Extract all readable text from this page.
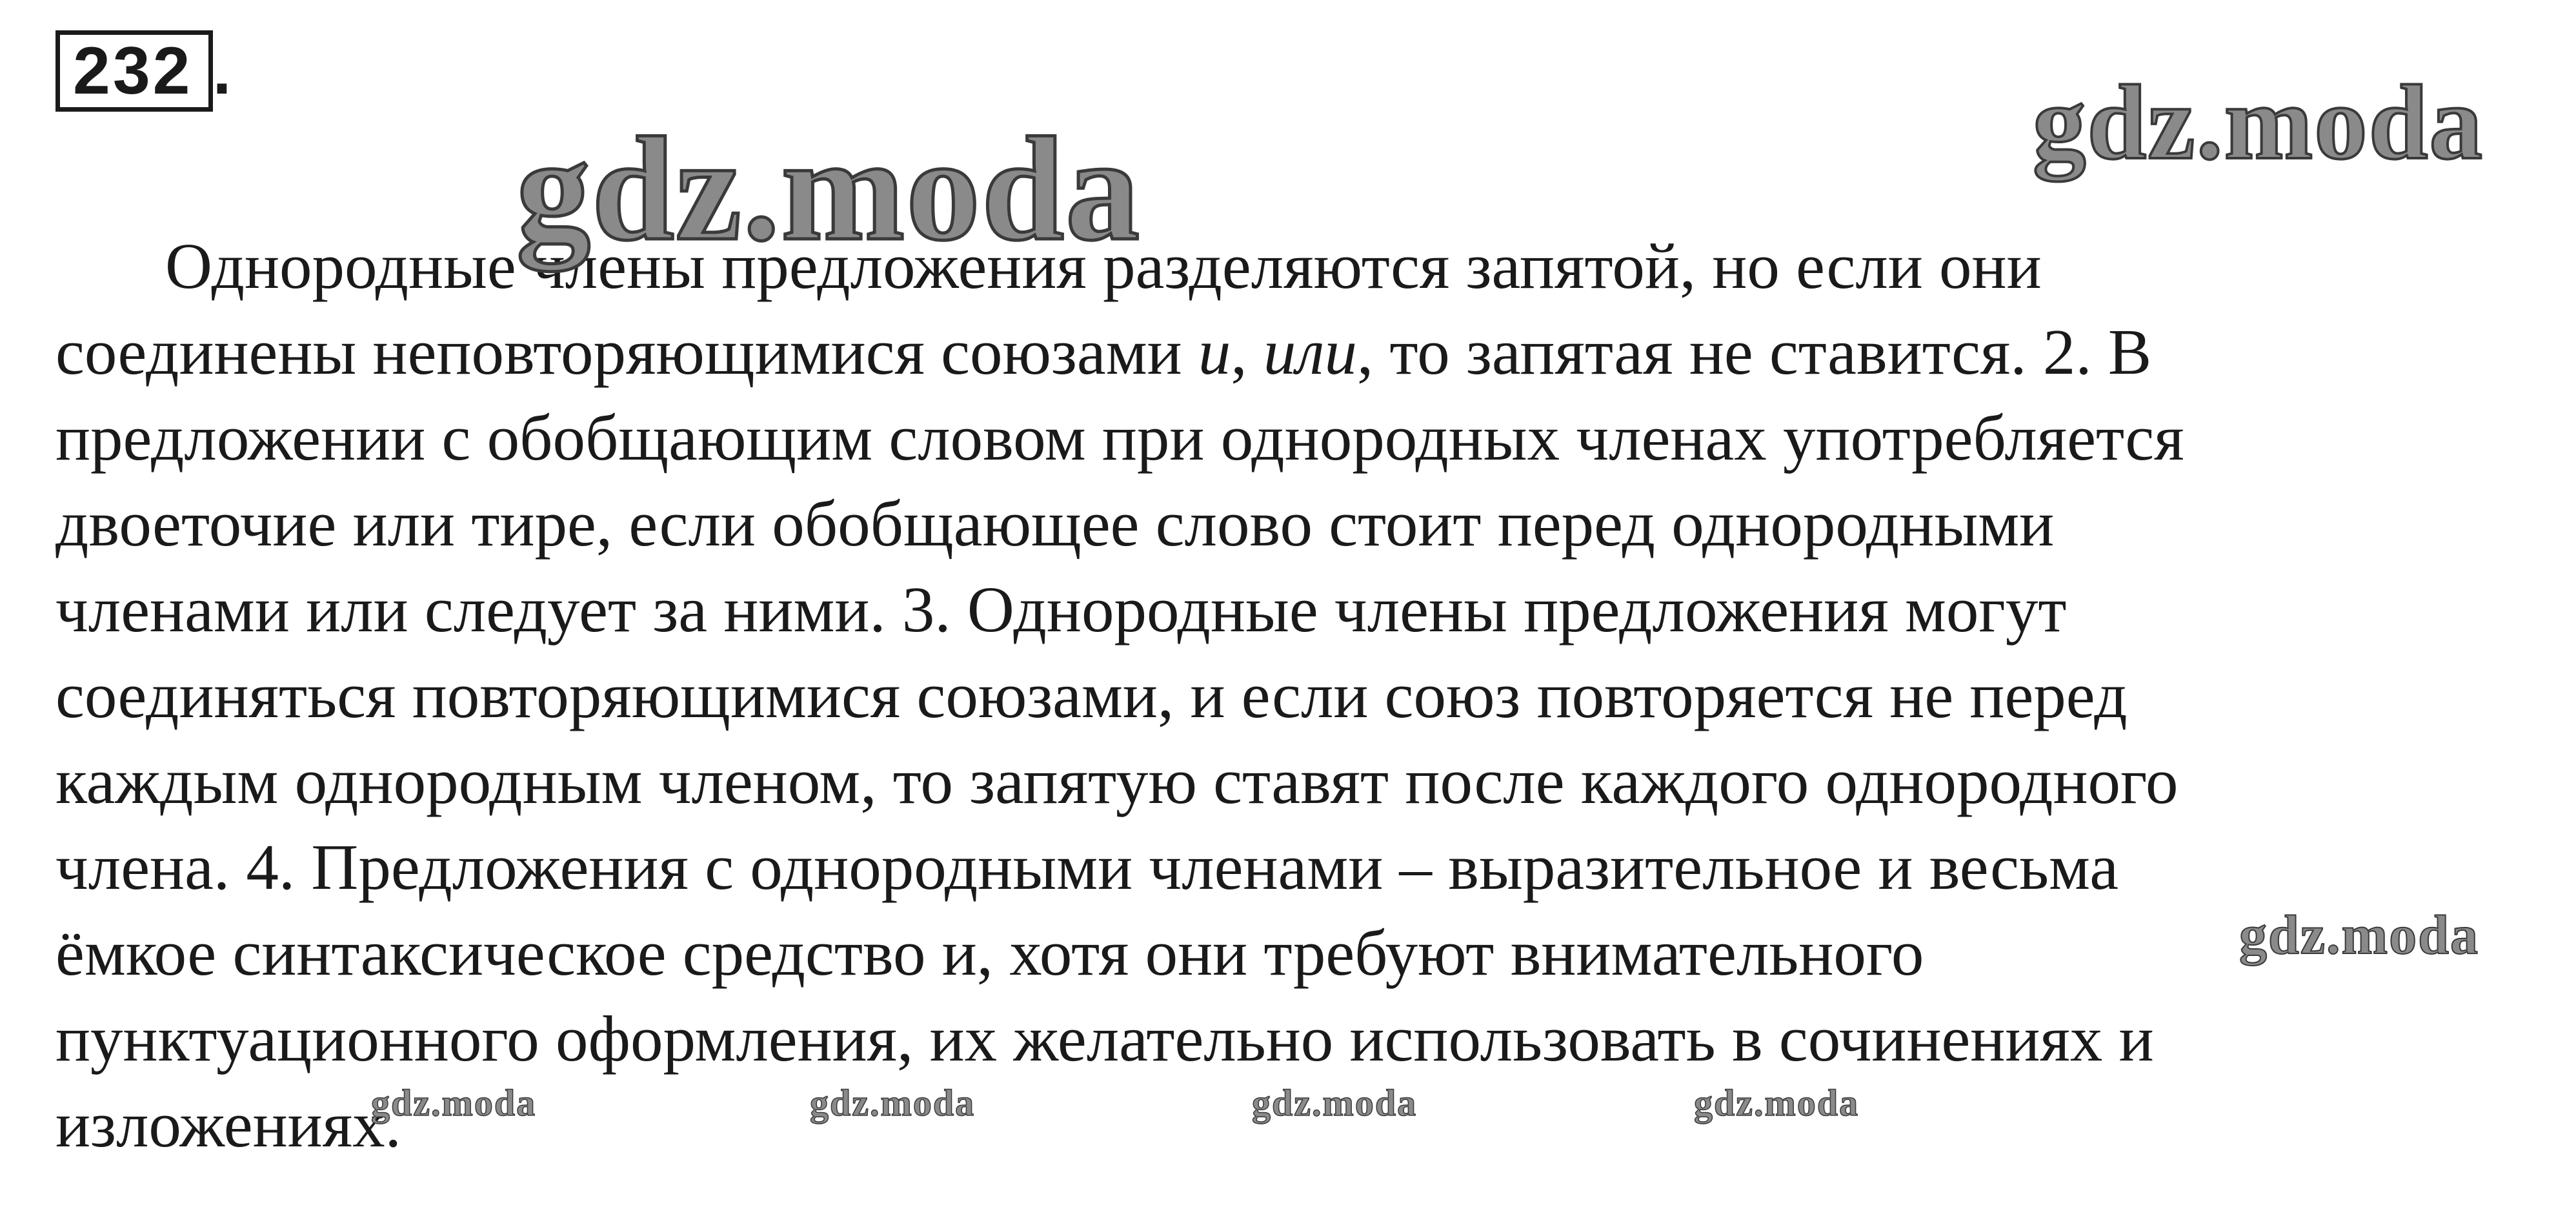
232 .
Однородные члены предложения разделяются запятой, но если они
соединены неповторяющимися союзами и, или, то запятая не ставится. 2. В
предложении с обобщающим словом при однородных членах употребляется
двоеточие или тире, если обобщающее слово стоит перед однородными
членами или следует за ними. 3. Однородные члены предложения могут
соединяться повторяющимися союзами, и если союз повторяется не перед
каждым однородным членом, то запятую ставят после каждого однородного
члена. 4. Предложения с однородными членами – выразительное и весьма
ёмкое синтаксическое средство и, хотя они требуют внимательного
пунктуационного оформления, их желательно использовать в сочинениях и
изложениях.
gdz.moda	gdz.moda
gdz.moda
gdz.moda	gdz.moda	gdz.moda	gdz.moda
